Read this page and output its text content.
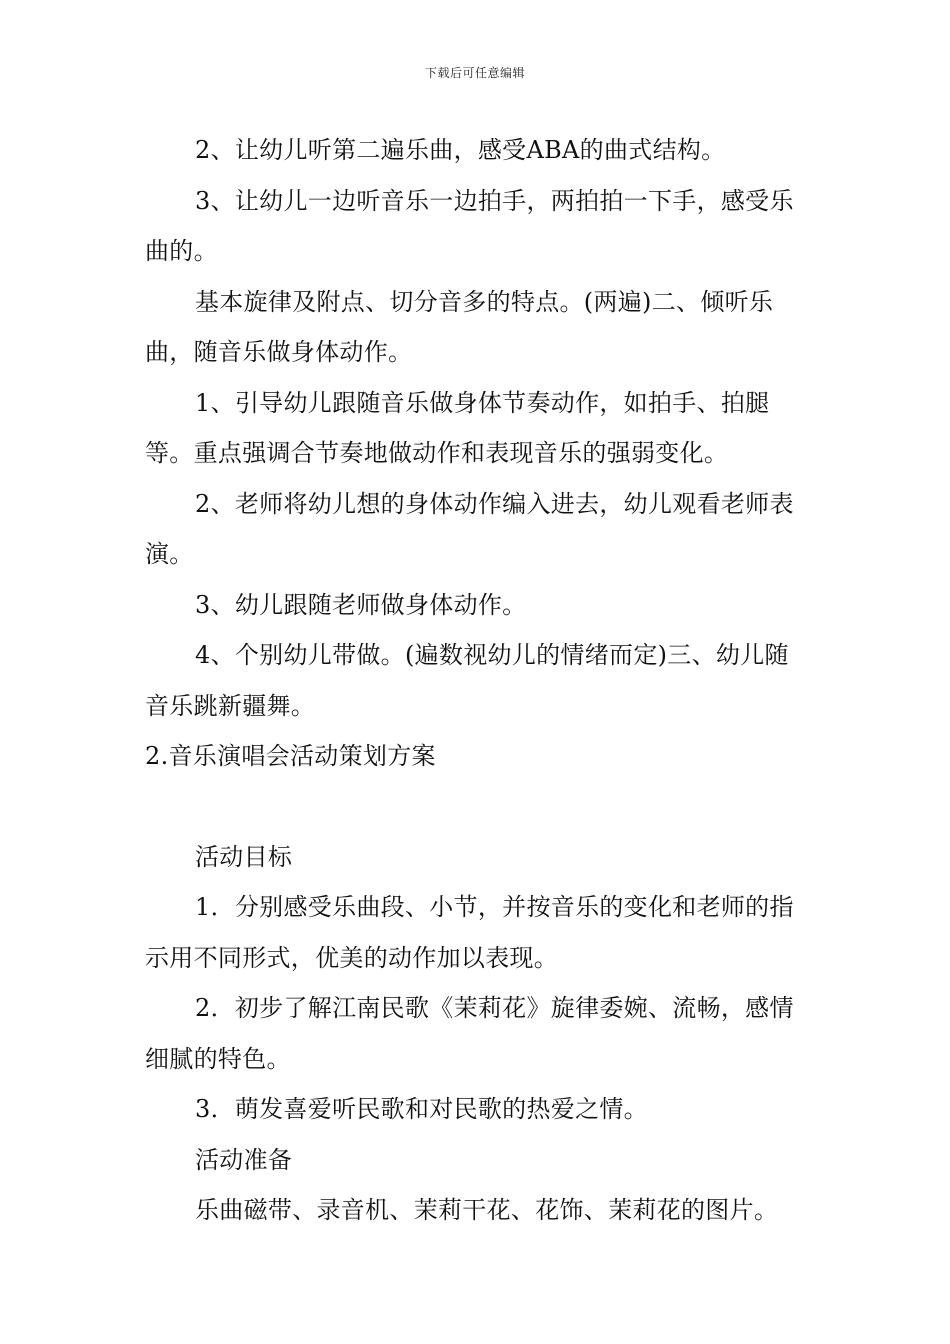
下载后可任意编辑

2、让幼儿听第二遍乐曲，感受ABA的曲式结构。

3、让幼儿一边听音乐一边拍手，两拍拍一下手，感受乐曲的。

基本旋律及附点、切分音多的特点。(两遍)二、倾听乐曲，随音乐做身体动作。

1、引导幼儿跟随音乐做身体节奏动作，如拍手、拍腿等。重点强调合节奏地做动作和表现音乐的强弱变化。

2、老师将幼儿想的身体动作编入进去，幼儿观看老师表演。

3、幼儿跟随老师做身体动作。

4、个别幼儿带做。(遍数视幼儿的情绪而定)三、幼儿随音乐跳新疆舞。

2.音乐演唱会活动策划方案

活动目标

1．分别感受乐曲段、小节，并按音乐的变化和老师的指示用不同形式，优美的动作加以表现。

2．初步了解江南民歌《茉莉花》旋律委婉、流畅，感情细腻的特色。

3．萌发喜爱听民歌和对民歌的热爱之情。

活动准备

乐曲磁带、录音机、茉莉干花、花饰、茉莉花的图片。
